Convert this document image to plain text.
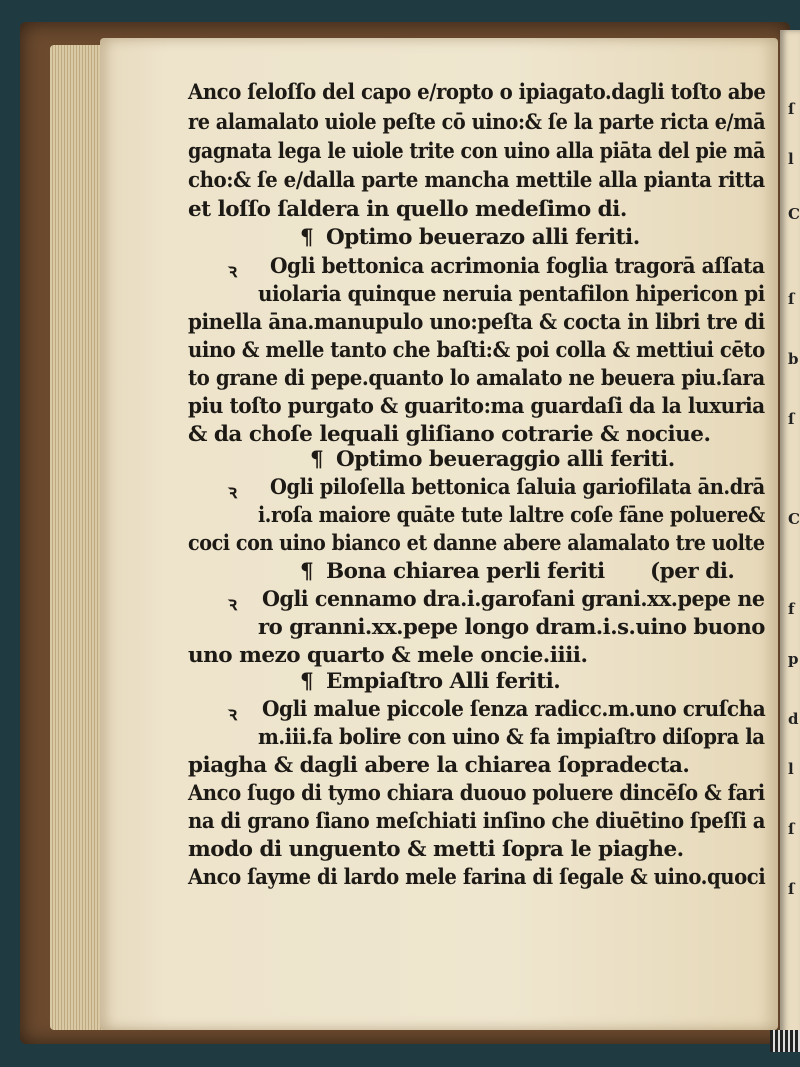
ſ
l
C
ſ
b
ſ
C
f
p
d
l
ſ
ſ
Anco ſeloſſo del capo e/ropto o ipiagato.dagli toſto abe
re alamalato uiole peſte cō uino:& ſe la parte ricta e/mā
gagnata lega le uiole trite con uino alla piāta del pie mā
cho:& ſe e/dalla parte mancha mettile alla pianta ritta
et loſſo ſaldera in quello medeſimo di.
¶ Optimo beuerazo alli feriti.
ꝛ Ogli bettonica acrimonia foglia tragorā aſſata
uiolaria quinque neruia pentafilon hipericon pi
pinella āna.manupulo uno:peſta & cocta in libri tre di
uino & melle tanto che baſti:& poi colla & mettiui cēto
to grane di pepe.quanto lo amalato ne beuera piu.ſara
piu toſto purgato & guarito:ma guardaſi da la luxuria
& da choſe lequali gliſiano cotrarie & nociue.
¶ Optimo beueraggio alli feriti.
ꝛ Ogli piloſella bettonica ſaluia gariofilata ān.drā
i.roſa maiore quāte tute laltre coſe fāne poluere&
coci con uino bianco et danne abere alamalato tre uolte
¶ Bona chiarea perli feriti (per di.
ꝛ Ogli cennamo dra.i.garofani grani.xx.pepe ne
ro granni.xx.pepe longo dram.i.s.uino buono
uno mezo quarto & mele oncie.iiii.
¶ Empiaſtro Alli feriti.
ꝛ Ogli malue piccole ſenza radicc.m.uno cruſcha
m.iii.fa bolire con uino & fa impiaſtro diſopra la
piagha & dagli abere la chiarea ſopradecta.
Anco ſugo di tymo chiara duouo poluere dincēſo & fari
na di grano ſiano meſchiati inſino che diuētino ſpeſſi a
modo di unguento & metti ſopra le piaghe.
Anco ſayme di lardo mele farina di ſegale & uino.quoci
